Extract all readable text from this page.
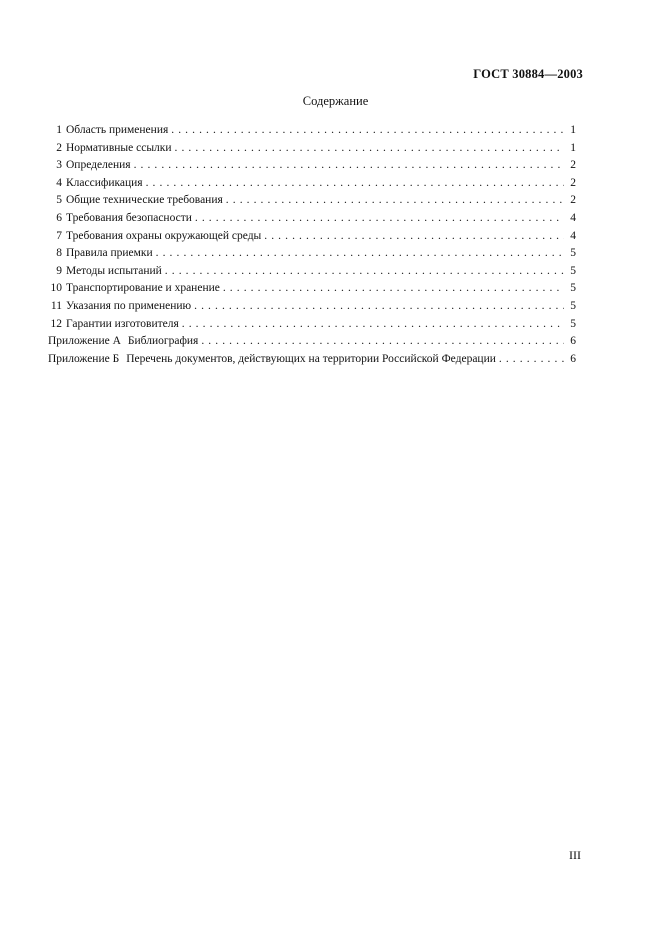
ГОСТ 30884—2003
Содержание
1 Область применения . . .	1
2 Нормативные ссылки . . .	1
3 Определения . . .	2
4 Классификация . . .	2
5 Общие технические требования . . .	2
6 Требования безопасности . . .	4
7 Требования охраны окружающей среды . . .	4
8 Правила приемки . . .	5
9 Методы испытаний . . .	5
10 Транспортирование и хранение . . .	5
11 Указания по применению . . .	5
12 Гарантии изготовителя . . .	5
Приложение А Библиография . . .	6
Приложение Б Перечень документов, действующих на территории Российской Федерации . . .	6
III
